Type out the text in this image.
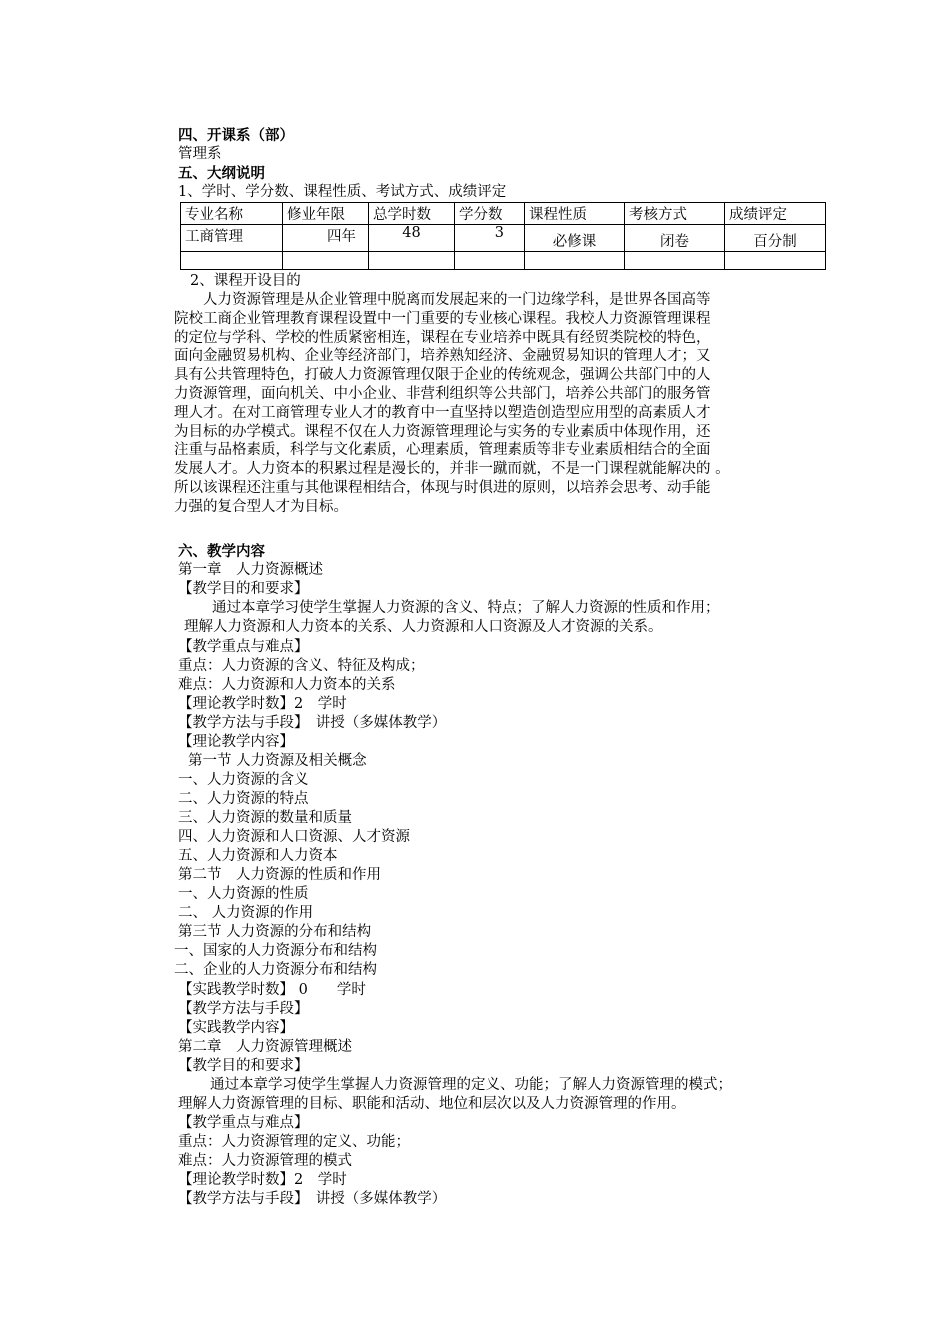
四、开课系（部）
管理系
五、大纲说明
1、学时、学分数、课程性质、考试方式、成绩评定
专业名称	修业年限	总学时数	学分数	课程性质	考核方式	成绩评定
工商管理	四年	48	3	必修课	闭卷	百分制

2、课程开设目的
人力资源管理是从企业管理中脱离而发展起来的一门边缘学科，是世界各国高等
院校工商企业管理教育课程设置中一门重要的专业核心课程。我校人力资源管理课程
的定位与学科、学校的性质紧密相连，课程在专业培养中既具有经贸类院校的特色，
面向金融贸易机构、企业等经济部门，培养熟知经济、金融贸易知识的管理人才；又
具有公共管理特色，打破人力资源管理仅限于企业的传统观念，强调公共部门中的人
力资源管理，面向机关、中小企业、非营利组织等公共部门，培养公共部门的服务管
理人才。在对工商管理专业人才的教育中一直坚持以塑造创造型应用型的高素质人才
为目标的办学模式。课程不仅在人力资源管理理论与实务的专业素质中体现作用，还
注重与品格素质，科学与文化素质，心理素质，管理素质等非专业素质相结合的全面
发展人才。人力资本的积累过程是漫长的，并非一蹴而就，不是一门课程就能解决的 。
所以该课程还注重与其他课程相结合，体现与时俱进的原则，以培养会思考、动手能
力强的复合型人才为目标。
六、教学内容
第一章　人力资源概述
【教学目的和要求】
通过本章学习使学生掌握人力资源的含义、特点；了解人力资源的性质和作用；
理解人力资源和人力资本的关系、人力资源和人口资源及人才资源的关系。
【教学重点与难点】
重点：人力资源的含义、特征及构成；
难点：人力资源和人力资本的关系
【理论教学时数】2　学时
【教学方法与手段】　讲授（多媒体教学）
【理论教学内容】
第一节 人力资源及相关概念
一、人力资源的含义
二、人力资源的特点
三、人力资源的数量和质量
四、人力资源和人口资源、人才资源
五、人力资源和人力资本
第二节　人力资源的性质和作用
一、人力资源的性质
二、 人力资源的作用
第三节 人力资源的分布和结构
一、国家的人力资源分布和结构
二、企业的人力资源分布和结构
【实践教学时数】 0　　学时
【教学方法与手段】
【实践教学内容】
第二章　人力资源管理概述
【教学目的和要求】
通过本章学习使学生掌握人力资源管理的定义、功能；了解人力资源管理的模式；
理解人力资源管理的目标、职能和活动、地位和层次以及人力资源管理的作用。
【教学重点与难点】
重点：人力资源管理的定义、功能；
难点：人力资源管理的模式
【理论教学时数】2　学时
【教学方法与手段】　讲授（多媒体教学）
